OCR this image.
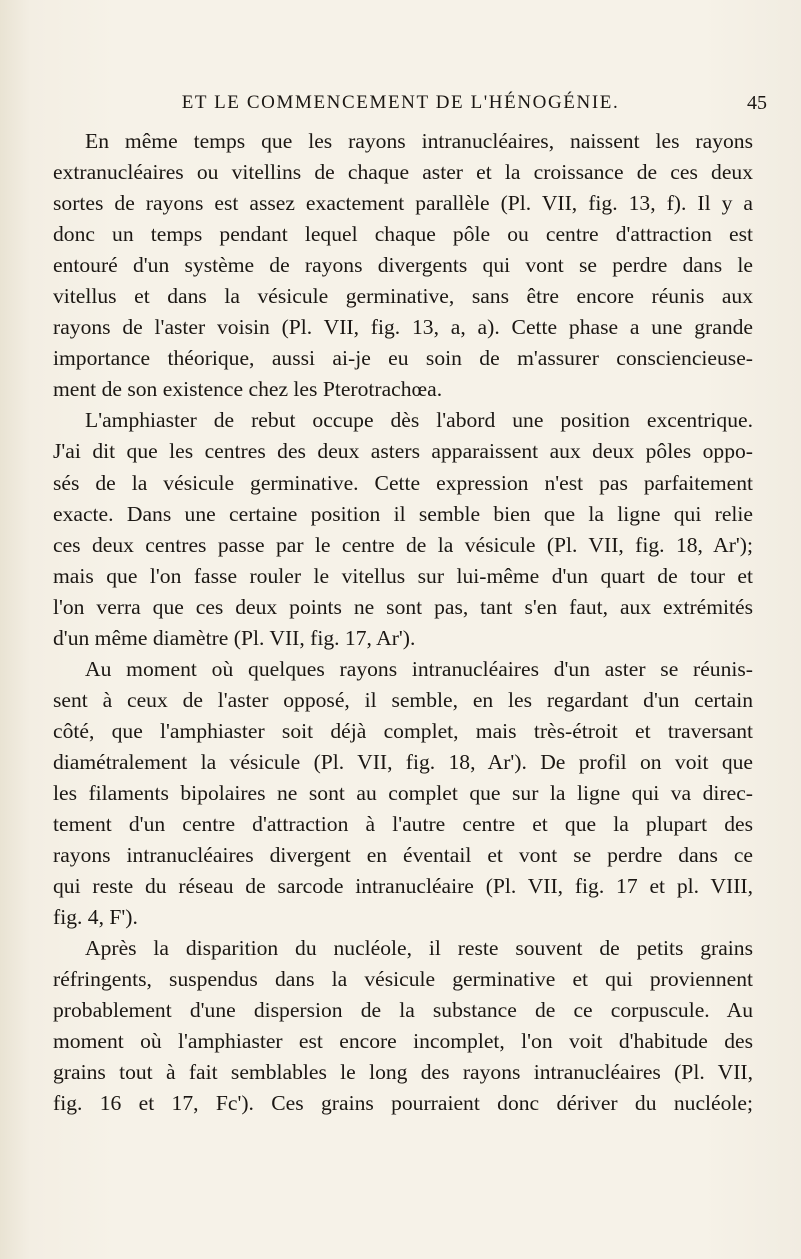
ET LE COMMENCEMENT DE L'HÉNOGÉNIE.	45
En même temps que les rayons intranucléaires, naissent les rayons
extranucléaires ou vitellins de chaque aster et la croissance de ces deux
sortes de rayons est assez exactement parallèle (Pl. VII, fig. 13, f). Il y a
donc un temps pendant lequel chaque pôle ou centre d'attraction est
entouré d'un système de rayons divergents qui vont se perdre dans le
vitellus et dans la vésicule germinative, sans être encore réunis aux
rayons de l'aster voisin (Pl. VII, fig. 13, a, a). Cette phase a une grande
importance théorique, aussi ai-je eu soin de m'assurer consciencieuse-
ment de son existence chez les Pterotrachœa.
L'amphiaster de rebut occupe dès l'abord une position excentrique.
J'ai dit que les centres des deux asters apparaissent aux deux pôles oppo-
sés de la vésicule germinative. Cette expression n'est pas parfaitement
exacte. Dans une certaine position il semble bien que la ligne qui relie
ces deux centres passe par le centre de la vésicule (Pl. VII, fig. 18, Ar');
mais que l'on fasse rouler le vitellus sur lui-même d'un quart de tour et
l'on verra que ces deux points ne sont pas, tant s'en faut, aux extrémités
d'un même diamètre (Pl. VII, fig. 17, Ar').
Au moment où quelques rayons intranucléaires d'un aster se réunis-
sent à ceux de l'aster opposé, il semble, en les regardant d'un certain
côté, que l'amphiaster soit déjà complet, mais très-étroit et traversant
diamétralement la vésicule (Pl. VII, fig. 18, Ar'). De profil on voit que
les filaments bipolaires ne sont au complet que sur la ligne qui va direc-
tement d'un centre d'attraction à l'autre centre et que la plupart des
rayons intranucléaires divergent en éventail et vont se perdre dans ce
qui reste du réseau de sarcode intranucléaire (Pl. VII, fig. 17 et pl. VIII,
fig. 4, F').
Après la disparition du nucléole, il reste souvent de petits grains
réfringents, suspendus dans la vésicule germinative et qui proviennent
probablement d'une dispersion de la substance de ce corpuscule. Au
moment où l'amphiaster est encore incomplet, l'on voit d'habitude des
grains tout à fait semblables le long des rayons intranucléaires (Pl. VII,
fig. 16 et 17, Fc'). Ces grains pourraient donc dériver du nucléole;
